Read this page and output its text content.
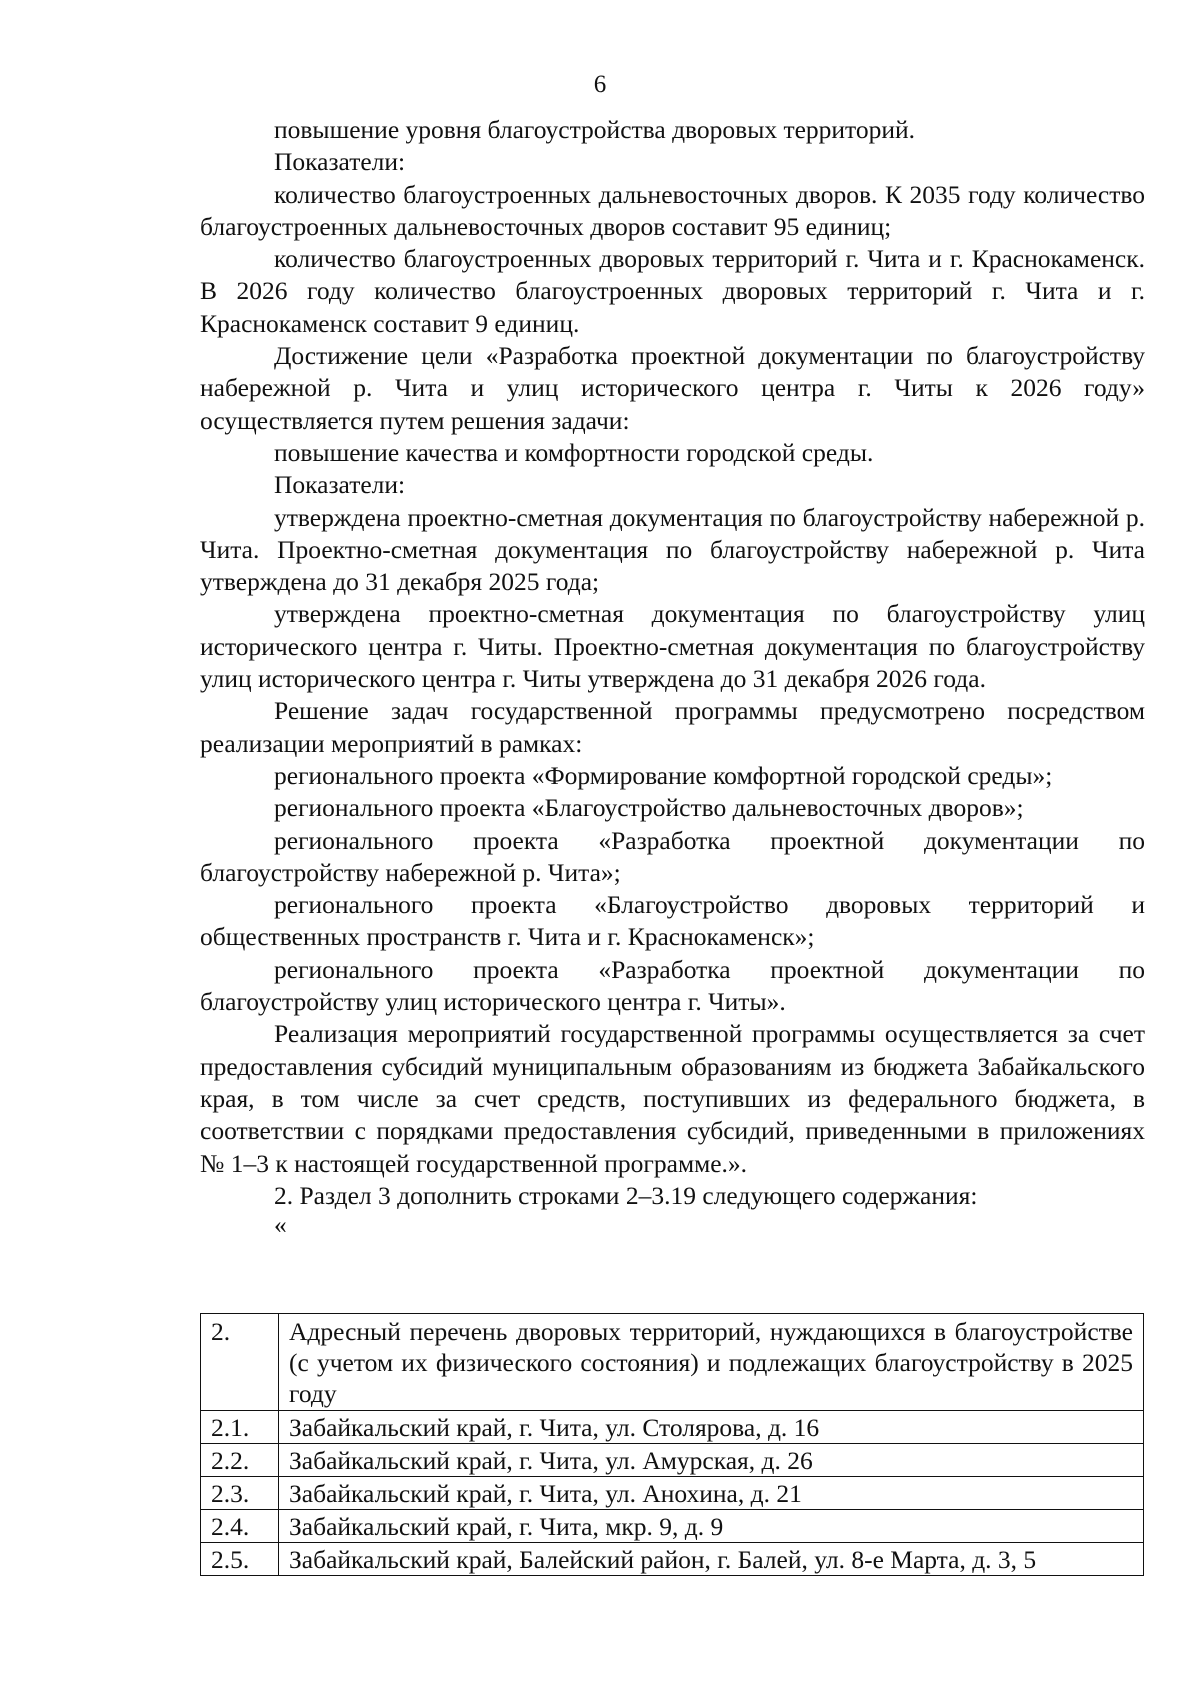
6

повышение уровня благоустройства дворовых территорий.

Показатели:

количество благоустроенных дальневосточных дворов. К 2035 году количество благоустроенных дальневосточных дворов составит 95 единиц;

количество благоустроенных дворовых территорий г. Чита и г. Краснокаменск. В 2026 году количество благоустроенных дворовых территорий г. Чита и г. Краснокаменск составит 9 единиц.

Достижение цели «Разработка проектной документации по благоустройству набережной р. Чита и улиц исторического центра г. Читы к 2026 году» осуществляется путем решения задачи:

повышение качества и комфортности городской среды.

Показатели:

утверждена проектно-сметная документация по благоустройству набережной р. Чита. Проектно-сметная документация по благоустройству набережной р. Чита утверждена до 31 декабря 2025 года;

утверждена проектно-сметная документация по благоустройству улиц исторического центра г. Читы. Проектно-сметная документация по благоустройству улиц исторического центра г. Читы утверждена до 31 декабря 2026 года.

Решение задач государственной программы предусмотрено посредством реализации мероприятий в рамках:

регионального проекта «Формирование комфортной городской среды»;

регионального проекта «Благоустройство дальневосточных дворов»;

регионального проекта «Разработка проектной документации по благоустройству набережной р. Чита»;

регионального проекта «Благоустройство дворовых территорий и общественных пространств г. Чита и г. Краснокаменск»;

регионального проекта «Разработка проектной документации по благоустройству улиц исторического центра г. Читы».

Реализация мероприятий государственной программы осуществляется за счет предоставления субсидий муниципальным образованиям из бюджета Забайкальского края, в том числе за счет средств, поступивших из федерального бюджета, в соответствии с порядками предоставления субсидий, приведенными в приложениях № 1–3 к настоящей государственной программе.».

2. Раздел 3 дополнить строками 2–3.19 следующего содержания:

«

2.	Адресный перечень дворовых территорий, нуждающихся в благоустройстве (с учетом их физического состояния) и подлежащих благоустройству в 2025 году
2.1.	Забайкальский край, г. Чита, ул. Столярова, д. 16
2.2.	Забайкальский край, г. Чита, ул. Амурская, д. 26
2.3.	Забайкальский край, г. Чита, ул. Анохина, д. 21
2.4.	Забайкальский край, г. Чита, мкр. 9, д. 9
2.5.	Забайкальский край, Балейский район, г. Балей, ул. 8-е Марта, д. 3, 5
